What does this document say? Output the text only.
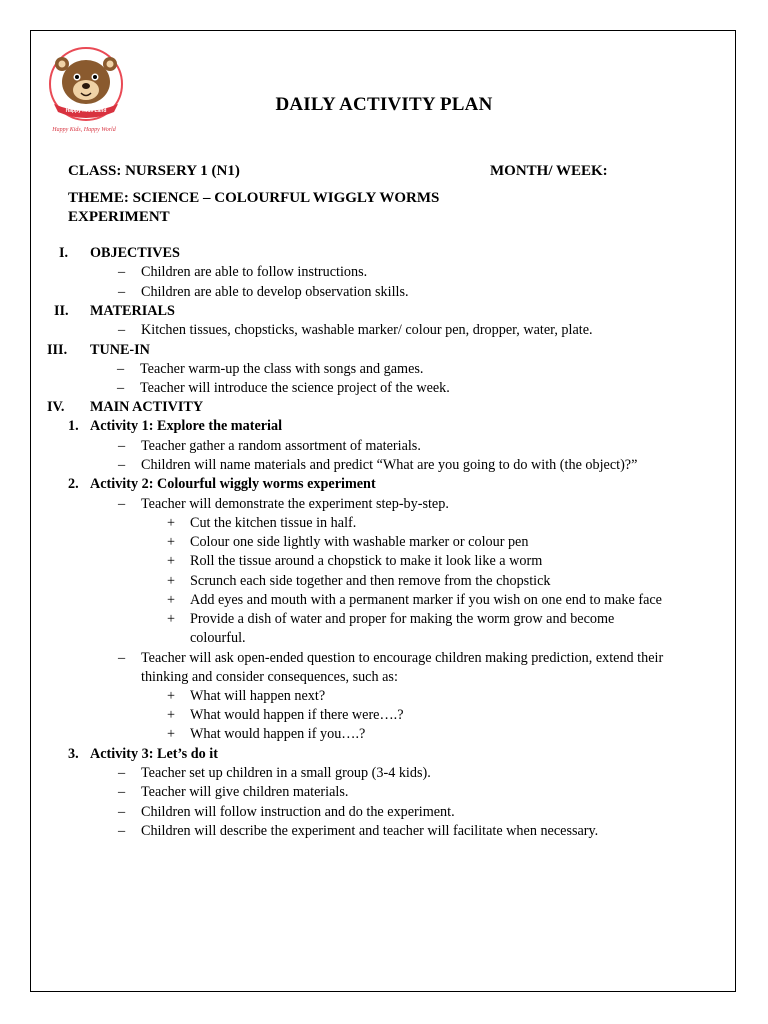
Happy Kids Land
Happy Kids, Happy World
DAILY ACTIVITY PLAN
CLASS: NURSERY 1 (N1)	MONTH/ WEEK:
THEME: SCIENCE – COLOURFUL WIGGLY WORMS
EXPERIMENT
I. OBJECTIVES
– Children are able to follow instructions.
– Children are able to develop observation skills.
II. MATERIALS
– Kitchen tissues, chopsticks, washable marker/ colour pen, dropper, water, plate.
III. TUNE-IN
– Teacher warm-up the class with songs and games.
– Teacher will introduce the science project of the week.
IV. MAIN ACTIVITY
1. Activity 1: Explore the material
– Teacher gather a random assortment of materials.
– Children will name materials and predict “What are you going to do with (the object)?”
2. Activity 2: Colourful wiggly worms experiment
– Teacher will demonstrate the experiment step-by-step.
+ Cut the kitchen tissue in half.
+ Colour one side lightly with washable marker or colour pen
+ Roll the tissue around a chopstick to make it look like a worm
+ Scrunch each side together and then remove from the chopstick
+ Add eyes and mouth with a permanent marker if you wish on one end to make face
+ Provide a dish of water and proper for making the worm grow and become
colourful.
– Teacher will ask open-ended question to encourage children making prediction, extend their
thinking and consider consequences, such as:
+ What will happen next?
+ What would happen if there were….?
+ What would happen if you….?
3. Activity 3: Let’s do it
– Teacher set up children in a small group (3-4 kids).
– Teacher will give children materials.
– Children will follow instruction and do the experiment.
– Children will describe the experiment and teacher will facilitate when necessary.
